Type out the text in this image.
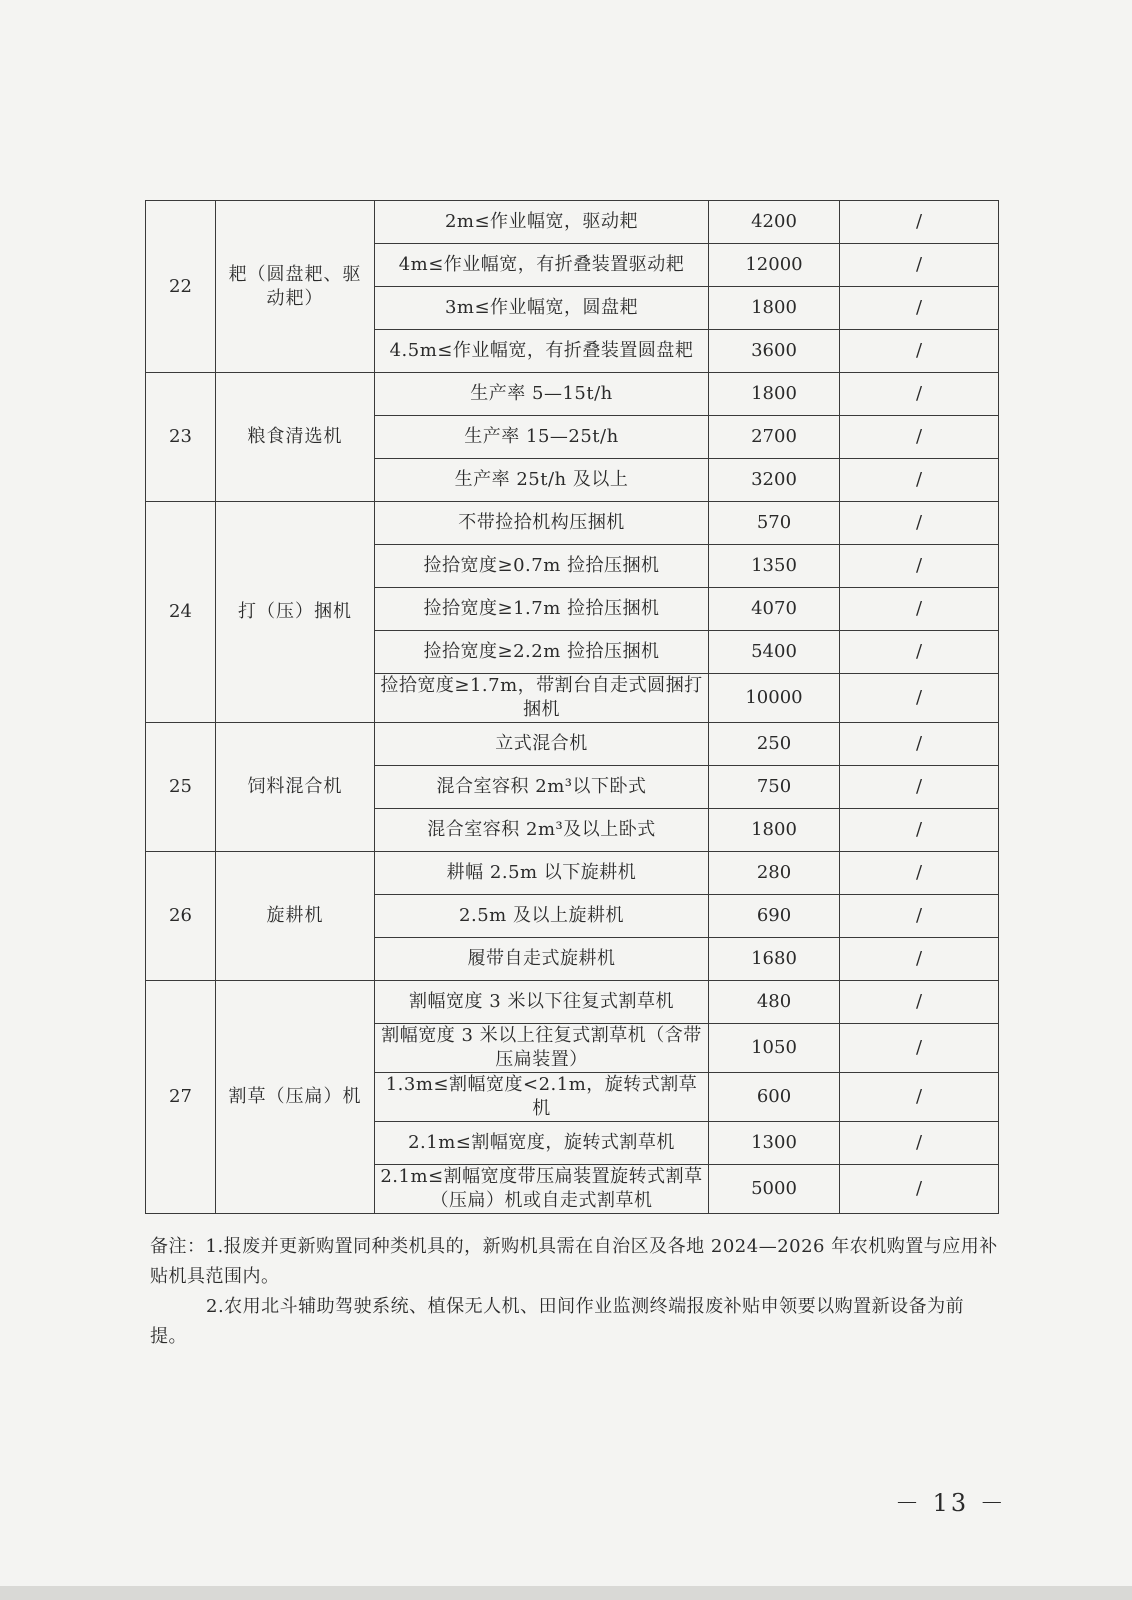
22	耙（圆盘耙、驱动耙）	2m≤作业幅宽，驱动耙	4200	/
		4m≤作业幅宽，有折叠装置驱动耙	12000	/
		3m≤作业幅宽，圆盘耙	1800	/
		4.5m≤作业幅宽，有折叠装置圆盘耙	3600	/
23	粮食清选机	生产率 5—15t/h	1800	/
		生产率 15—25t/h	2700	/
		生产率 25t/h 及以上	3200	/
24	打（压）捆机	不带捡拾机构压捆机	570	/
		捡拾宽度≥0.7m 捡拾压捆机	1350	/
		捡拾宽度≥1.7m 捡拾压捆机	4070	/
		捡拾宽度≥2.2m 捡拾压捆机	5400	/
		捡拾宽度≥1.7m，带割台自走式圆捆打捆机	10000	/
25	饲料混合机	立式混合机	250	/
		混合室容积 2m³以下卧式	750	/
		混合室容积 2m³及以上卧式	1800	/
26	旋耕机	耕幅 2.5m 以下旋耕机	280	/
		2.5m 及以上旋耕机	690	/
		履带自走式旋耕机	1680	/
27	割草（压扁）机	割幅宽度 3 米以下往复式割草机	480	/
		割幅宽度 3 米以上往复式割草机（含带压扁装置）	1050	/
		1.3m≤割幅宽度<2.1m，旋转式割草机	600	/
		2.1m≤割幅宽度，旋转式割草机	1300	/
		2.1m≤割幅宽度带压扁装置旋转式割草（压扁）机或自走式割草机	5000	/

备注：1.报废并更新购置同种类机具的，新购机具需在自治区及各地 2024—2026 年农机购置与应用补贴机具范围内。

2.农用北斗辅助驾驶系统、植保无人机、田间作业监测终端报废补贴申领要以购置新设备为前提。

－ 13 －
